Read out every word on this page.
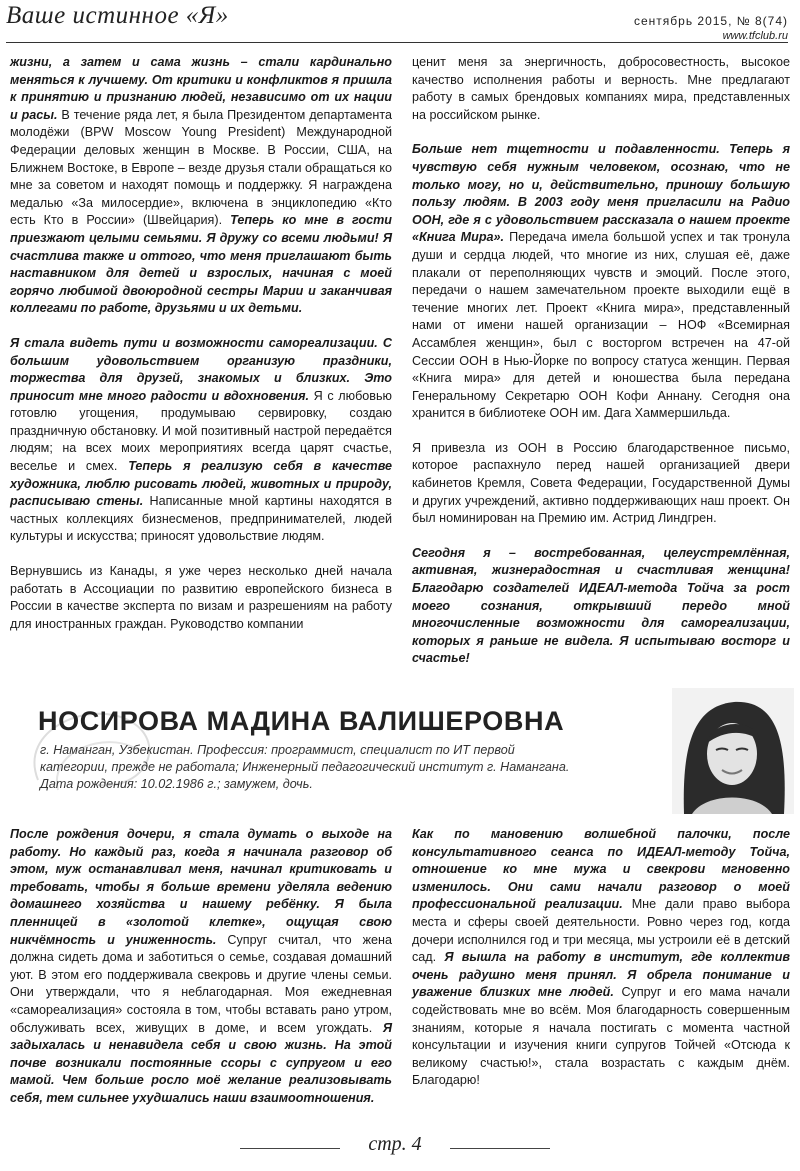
Ваше истинное «Я»	сентябрь 2015, № 8(74)
www.tfclub.ru

жизни, а затем и сама жизнь – стали кардинально меняться к лучшему. От критики и конфликтов я пришла к принятию и признанию людей, независимо от их нации и расы. В течение ряда лет, я была Президентом департамента молодёжи (BPW Moscow Young President) Международной Федерации деловых женщин в Москве. В России, США, на Ближнем Востоке, в Европе – везде друзья стали обращаться ко мне за советом и находят помощь и поддержку. Я награждена медалью «За милосердие», включена в энциклопедию «Кто есть Кто в России» (Швейцария). Теперь ко мне в гости приезжают целыми семьями. Я дружу со всеми людьми! Я счастлива также и оттого, что меня приглашают быть наставником для детей и взрослых, начиная с моей горячо любимой двоюродной сестры Марии и заканчивая коллегами по работе, друзьями и их детьми.

Я стала видеть пути и возможности самореализации. С большим удовольствием организую праздники, торжества для друзей, знакомых и близких. Это приносит мне много радости и вдохновения. Я с любовью готовлю угощения, продумываю сервировку, создаю праздничную обстановку. И мой позитивный настрой передаётся людям; на всех моих мероприятиях всегда царят счастье, веселье и смех. Теперь я реализую себя в качестве художника, люблю рисовать людей, животных и природу, расписываю стены. Написанные мной картины находятся в частных коллекциях бизнесменов, предпринимателей, людей культуры и искусства; приносят удовольствие людям.

Вернувшись из Канады, я уже через несколько дней начала работать в Ассоциации по развитию европейского бизнеса в России в качестве эксперта по визам и разрешениям на работу для иностранных граждан. Руководство компании

ценит меня за энергичность, добросовестность, высокое качество исполнения работы и верность. Мне предлагают работу в самых брендовых компаниях мира, представленных на российском рынке.

Больше нет тщетности и подавленности. Теперь я чувствую себя нужным человеком, осознаю, что не только могу, но и, действительно, приношу большую пользу людям. В 2003 году меня пригласили на Радио ООН, где я с удовольствием рассказала о нашем проекте «Книга Мира». Передача имела большой успех и так тронула души и сердца людей, что многие из них, слушая её, даже плакали от переполняющих чувств и эмоций. После этого, передачи о нашем замечательном проекте выходили ещё в течение многих лет. Проект «Книга мира», представленный нами от имени нашей организации – НОФ «Всемирная Ассамблея женщин», был с восторгом встречен на 47-ой Сессии ООН в Нью-Йорке по вопросу статуса женщин. Первая «Книга мира» для детей и юношества была передана Генеральному Секретарю ООН Кофи Аннану. Сегодня она хранится в библиотеке ООН им. Дага Хаммершильда.

Я привезла из ООН в Россию благодарственное письмо, которое распахнуло перед нашей организацией двери кабинетов Кремля, Совета Федерации, Государственной Думы и других учреждений, активно поддерживающих наш проект. Он был номинирован на Премию им. Астрид Линдгрен.

Сегодня я – востребованная, целеустремлённая, активная, жизнерадостная и счастливая женщина! Благодарю создателей ИДЕАЛ-метода Тойча за рост моего сознания, открывший передо мной многочисленные возможности для самореализации, которых я раньше не видела. Я испытываю восторг и счастье!

НОСИРОВА МАДИНА ВАЛИШЕРОВНА
г. Наманган, Узбекистан. Профессия: программист, специалист по ИТ первой категории, прежде не работала; Инженерный педагогический институт г. Наманганa.
Дата рождения: 10.02.1986 г.; замужем, дочь.

После рождения дочери, я стала думать о выходе на работу. Но каждый раз, когда я начинала разговор об этом, муж останавливал меня, начинал критиковать и требовать, чтобы я больше времени уделяла ведению домашнего хозяйства и нашему ребёнку. Я была пленницей в «золотой клетке», ощущая свою никчёмность и униженность. Супруг считал, что жена должна сидеть дома и заботиться о семье, создавая домашний уют. В этом его поддерживала свекровь и другие члены семьи. Они утверждали, что я неблагодарная. Моя ежедневная «самореализация» состояла в том, чтобы вставать рано утром, обслуживать всех, живущих в доме, и всем угождать. Я задыхалась и ненавидела себя и свою жизнь. На этой почве возникали постоянные ссоры с супругом и его мамой. Чем больше росло моё желание реализовывать себя, тем сильнее ухудшались наши взаимоотношения.

Как по мановению волшебной палочки, после консультативного сеанса по ИДЕАЛ-методу Тойча, отношение ко мне мужа и свекрови мгновенно изменилось. Они сами начали разговор о моей профессиональной реализации. Мне дали право выбора места и сферы своей деятельности. Ровно через год, когда дочери исполнился год и три месяца, мы устроили её в детский сад. Я вышла на работу в институт, где коллектив очень радушно меня принял. Я обрела понимание и уважение близких мне людей. Супруг и его мама начали содействовать мне во всём. Моя благодарность совершенным знаниям, которые я начала постигать с момента частной консультации и изучения книги супругов Тойчей «Отсюда к великому счастью!», стала возрастать с каждым днём. Благодарю!

стр. 4
